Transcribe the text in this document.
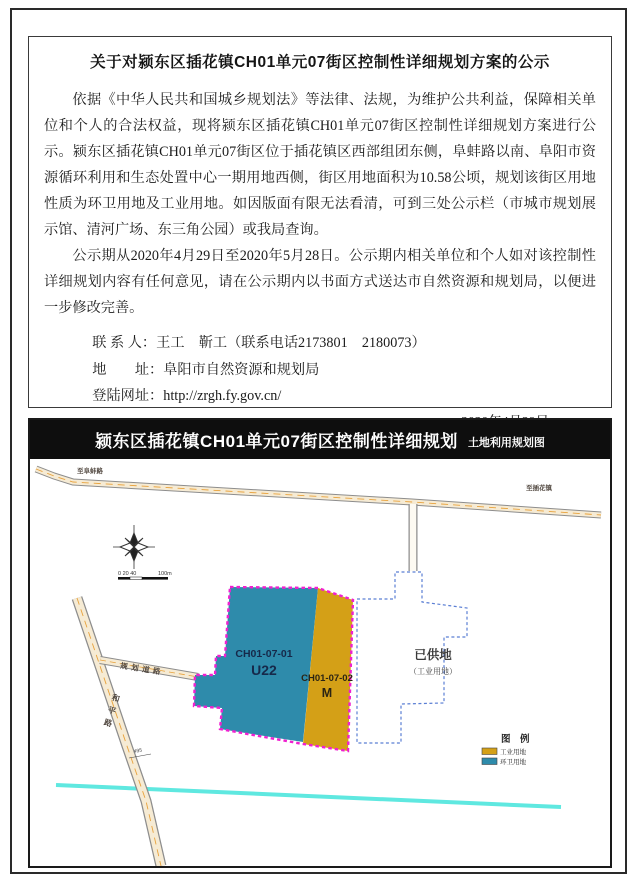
关于对颍东区插花镇CH01单元07街区控制性详细规划方案的公示

依据《中华人民共和国城乡规划法》等法律、法规，为维护公共利益，保障相关单位和个人的合法权益，现将颍东区插花镇CH01单元07街区控制性详细规划方案进行公示。颍东区插花镇CH01单元07街区位于插花镇区西部组团东侧，阜蚌路以南、阜阳市资源循环利用和生态处置中心一期用地西侧，街区用地面积为10.58公顷，规划该街区用地性质为环卫用地及工业用地。如因版面有限无法看清，可到三处公示栏（市城市规划展示馆、清河广场、东三角公园）或我局查询。

公示期从2020年4月29日至2020年5月28日。公示期内相关单位和个人如对该控制性详细规划内容有任何意见，请在公示期内以书面方式送达市自然资源和规划局，以便进一步修改完善。

联 系 人：王工　靳工（联系电话2173801　2180073）
地　　址：阜阳市自然资源和规划局
登陆网址：http://zrgh.fy.gov.cn/
颍东区插花镇CH01单元07街区控制性详细规划 土地利用规划图
0 20 40	100m
至阜蚌路
至插花镇
规划道路
和平路
495
CH01-07-01
U22
CH01-07-02
M
已供地
（工业用地）
图　例
工业用地
环卫用地
